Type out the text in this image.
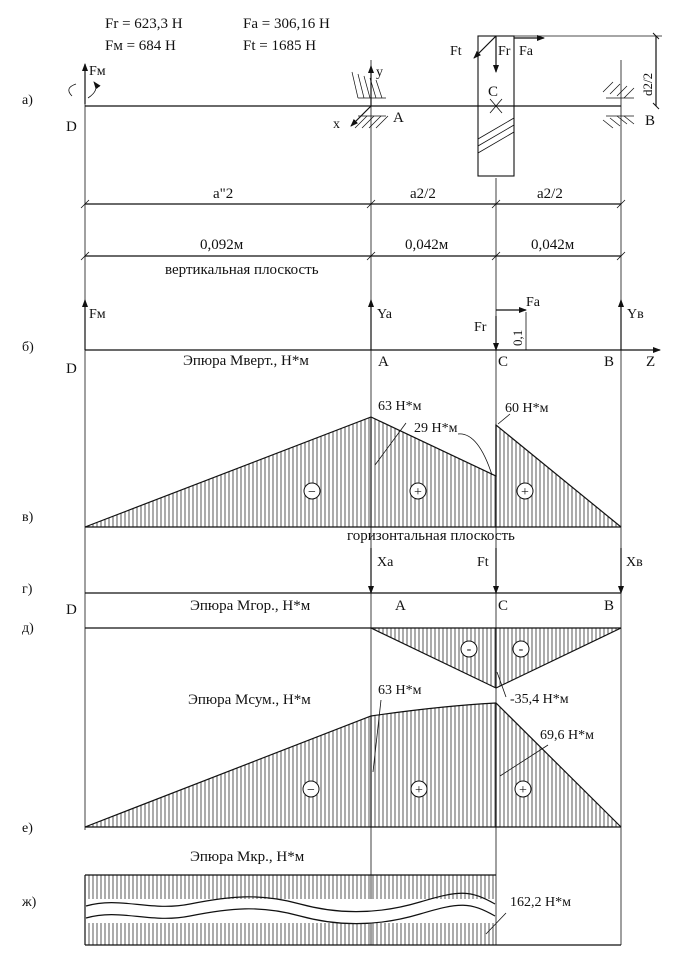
Fr = 623,3 Н	Fa = 306,16 Н
Fм = 684 Н	Ft = 1685 Н
а)
б)
в)
г)
д)
е)
ж)
Fм	y
x
Ft	Fr Fa
d2/2
D
A
C
B
а"2	а2/2	а2/2
0,092м	0,042м	0,042м
вертикальная плоскость
Fм	Ya	Yв
Fr
Fa
0,1
D	A	C	B Z
Эпюра Мверт., Н*м
63 Н*м
29 Н*м
60 Н*м
−	+	+
горизонтальная плоскость
Xa	Ft	Xв
D	A	C	B
Эпюра Мгор., Н*м
-	-
-35,4 Н*м
Эпюра Мсум., Н*м
63 Н*м
69,6 Н*м
−	+	+
Эпюра Мкр., Н*м
162,2 Н*м
